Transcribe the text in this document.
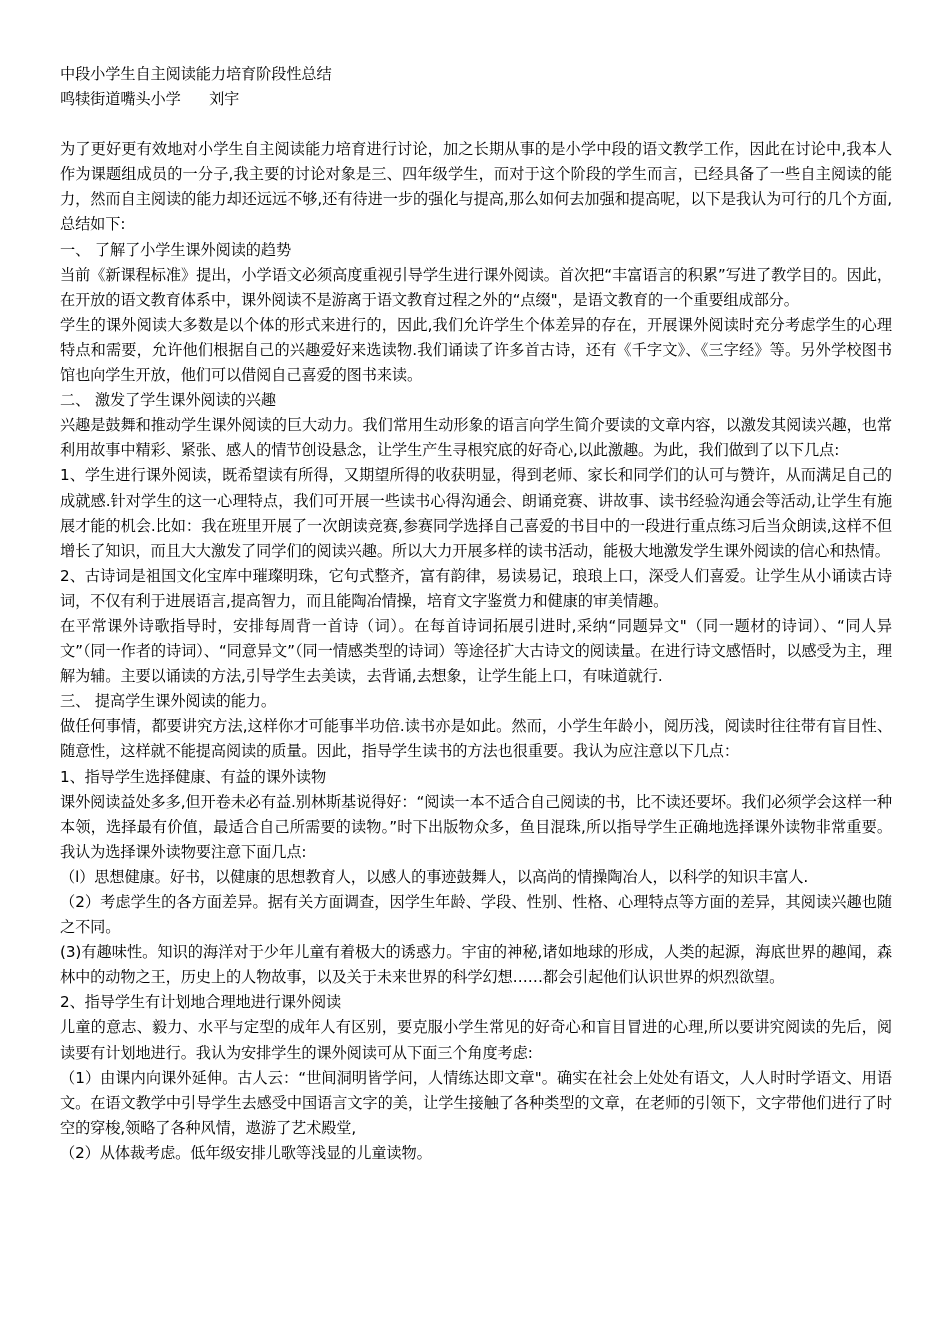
中段小学生自主阅读能力培育阶段性总结
鸣犊街道嘴头小学      刘宇

为了更好更有效地对小学生自主阅读能力培育进行讨论，加之长期从事的是小学中段的语文教学工作，因此在讨论中,我本人作为课题组成员的一分子,我主要的讨论对象是三、四年级学生，而对于这个阶段的学生而言，已经具备了一些自主阅读的能力，然而自主阅读的能力却还远远不够,还有待进一步的强化与提高,那么如何去加强和提高呢，以下是我认为可行的几个方面,总结如下:

一、 了解了小学生课外阅读的趋势

当前《新课程标准》提出，小学语文必须高度重视引导学生进行课外阅读。首次把“丰富语言的积累”写进了教学目的。因此，在开放的语文教育体系中，课外阅读不是游离于语文教育过程之外的“点缀"，是语文教育的一个重要组成部分。

学生的课外阅读大多数是以个体的形式来进行的，因此,我们允许学生个体差异的存在，开展课外阅读时充分考虑学生的心理特点和需要，允许他们根据自己的兴趣爱好来选读物.我们诵读了许多首古诗，还有《千字文》、《三字经》等。另外学校图书馆也向学生开放，他们可以借阅自己喜爱的图书来读。

二、 激发了学生课外阅读的兴趣

兴趣是鼓舞和推动学生课外阅读的巨大动力。我们常用生动形象的语言向学生简介要读的文章内容，以激发其阅读兴趣，也常利用故事中精彩、紧张、感人的情节创设悬念，让学生产生寻根究底的好奇心,以此激趣。为此，我们做到了以下几点:

1、学生进行课外阅读，既希望读有所得，又期望所得的收获明显，得到老师、家长和同学们的认可与赞许，从而满足自己的成就感.针对学生的这一心理特点，我们可开展一些读书心得沟通会、朗诵竞赛、讲故事、读书经验沟通会等活动,让学生有施展才能的机会.比如：我在班里开展了一次朗读竞赛,参赛同学选择自己喜爱的书目中的一段进行重点练习后当众朗读,这样不但增长了知识，而且大大激发了同学们的阅读兴趣。所以大力开展多样的读书活动，能极大地激发学生课外阅读的信心和热情。

2、古诗词是祖国文化宝库中璀璨明珠，它句式整齐，富有韵律，易读易记，琅琅上口，深受人们喜爱。让学生从小诵读古诗词，不仅有利于进展语言,提高智力，而且能陶冶情操，培育文字鉴赏力和健康的审美情趣。

在平常课外诗歌指导时，安排每周背一首诗（词）。在每首诗词拓展引进时,采纳“同题异文"（同一题材的诗词）、“同人异文”（同一作者的诗词）、“同意异文”（同一情感类型的诗词）等途径扩大古诗文的阅读量。在进行诗文感悟时，以感受为主，理解为辅。主要以诵读的方法,引导学生去美读，去背诵,去想象，让学生能上口，有味道就行.

三、 提高学生课外阅读的能力。

做任何事情，都要讲究方法,这样你才可能事半功倍.读书亦是如此。然而，小学生年龄小，阅历浅，阅读时往往带有盲目性、随意性，这样就不能提高阅读的质量。因此，指导学生读书的方法也很重要。我认为应注意以下几点：

1、指导学生选择健康、有益的课外读物

课外阅读益处多多,但开卷未必有益.别林斯基说得好：“阅读一本不适合自己阅读的书，比不读还要坏。我们必须学会这样一种本领，选择最有价值，最适合自己所需要的读物。”时下出版物众多，鱼目混珠,所以指导学生正确地选择课外读物非常重要。我认为选择课外读物要注意下面几点:

（l）思想健康。好书，以健康的思想教育人，以感人的事迹鼓舞人，以高尚的情操陶冶人，以科学的知识丰富人.

（2）考虑学生的各方面差异。据有关方面调查，因学生年龄、学段、性别、性格、心理特点等方面的差异，其阅读兴趣也随之不同。

(3)有趣味性。知识的海洋对于少年儿童有着极大的诱惑力。宇宙的神秘,诸如地球的形成，人类的起源，海底世界的趣闻，森林中的动物之王，历史上的人物故事，以及关于未来世界的科学幻想……都会引起他们认识世界的炽烈欲望。

2、指导学生有计划地合理地进行课外阅读

儿童的意志、毅力、水平与定型的成年人有区别，要克服小学生常见的好奇心和盲目冒进的心理,所以要讲究阅读的先后，阅读要有计划地进行。我认为安排学生的课外阅读可从下面三个角度考虑:

（1）由课内向课外延伸。古人云：“世间洞明皆学问，人情练达即文章"。确实在社会上处处有语文，人人时时学语文、用语文。在语文教学中引导学生去感受中国语言文字的美，让学生接触了各种类型的文章，在老师的引领下，文字带他们进行了时空的穿梭,领略了各种风情，遨游了艺术殿堂,

（2）从体裁考虑。低年级安排儿歌等浅显的儿童读物。
